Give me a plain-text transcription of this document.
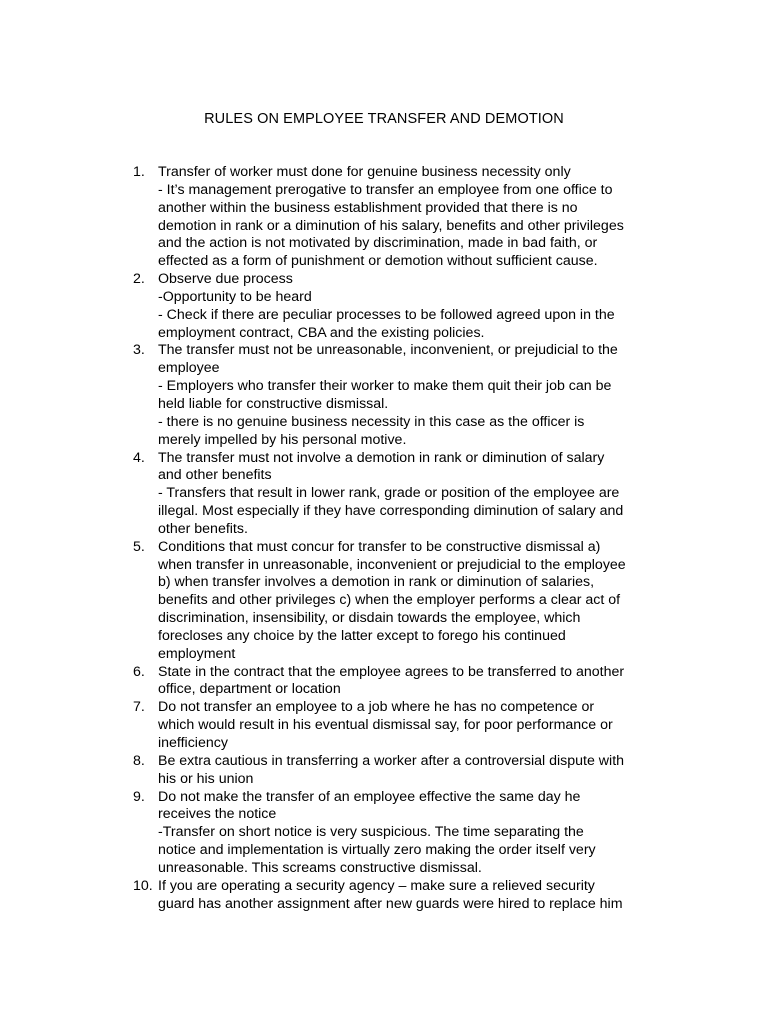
RULES ON EMPLOYEE TRANSFER AND DEMOTION
1. Transfer of worker must done for genuine business necessity only
- It’s management prerogative to transfer an employee from one office to
another within the business establishment provided that there is no
demotion in rank or a diminution of his salary, benefits and other privileges
and the action is not motivated by discrimination, made in bad faith, or
effected as a form of punishment or demotion without sufficient cause.
2. Observe due process
-Opportunity to be heard
- Check if there are peculiar processes to be followed agreed upon in the
employment contract, CBA and the existing policies.
3. The transfer must not be unreasonable, inconvenient, or prejudicial to the
employee
- Employers who transfer their worker to make them quit their job can be
held liable for constructive dismissal.
- there is no genuine business necessity in this case as the officer is
merely impelled by his personal motive.
4. The transfer must not involve a demotion in rank or diminution of salary
and other benefits
- Transfers that result in lower rank, grade or position of the employee are
illegal. Most especially if they have corresponding diminution of salary and
other benefits.
5. Conditions that must concur for transfer to be constructive dismissal a)
when transfer in unreasonable, inconvenient or prejudicial to the employee
b) when transfer involves a demotion in rank or diminution of salaries,
benefits and other privileges c) when the employer performs a clear act of
discrimination, insensibility, or disdain towards the employee, which
forecloses any choice by the latter except to forego his continued
employment
6. State in the contract that the employee agrees to be transferred to another
office, department or location
7. Do not transfer an employee to a job where he has no competence or
which would result in his eventual dismissal say, for poor performance or
inefficiency
8. Be extra cautious in transferring a worker after a controversial dispute with
his or his union
9. Do not make the transfer of an employee effective the same day he
receives the notice
-Transfer on short notice is very suspicious. The time separating the
notice and implementation is virtually zero making the order itself very
unreasonable. This screams constructive dismissal.
10. If you are operating a security agency – make sure a relieved security
guard has another assignment after new guards were hired to replace him
